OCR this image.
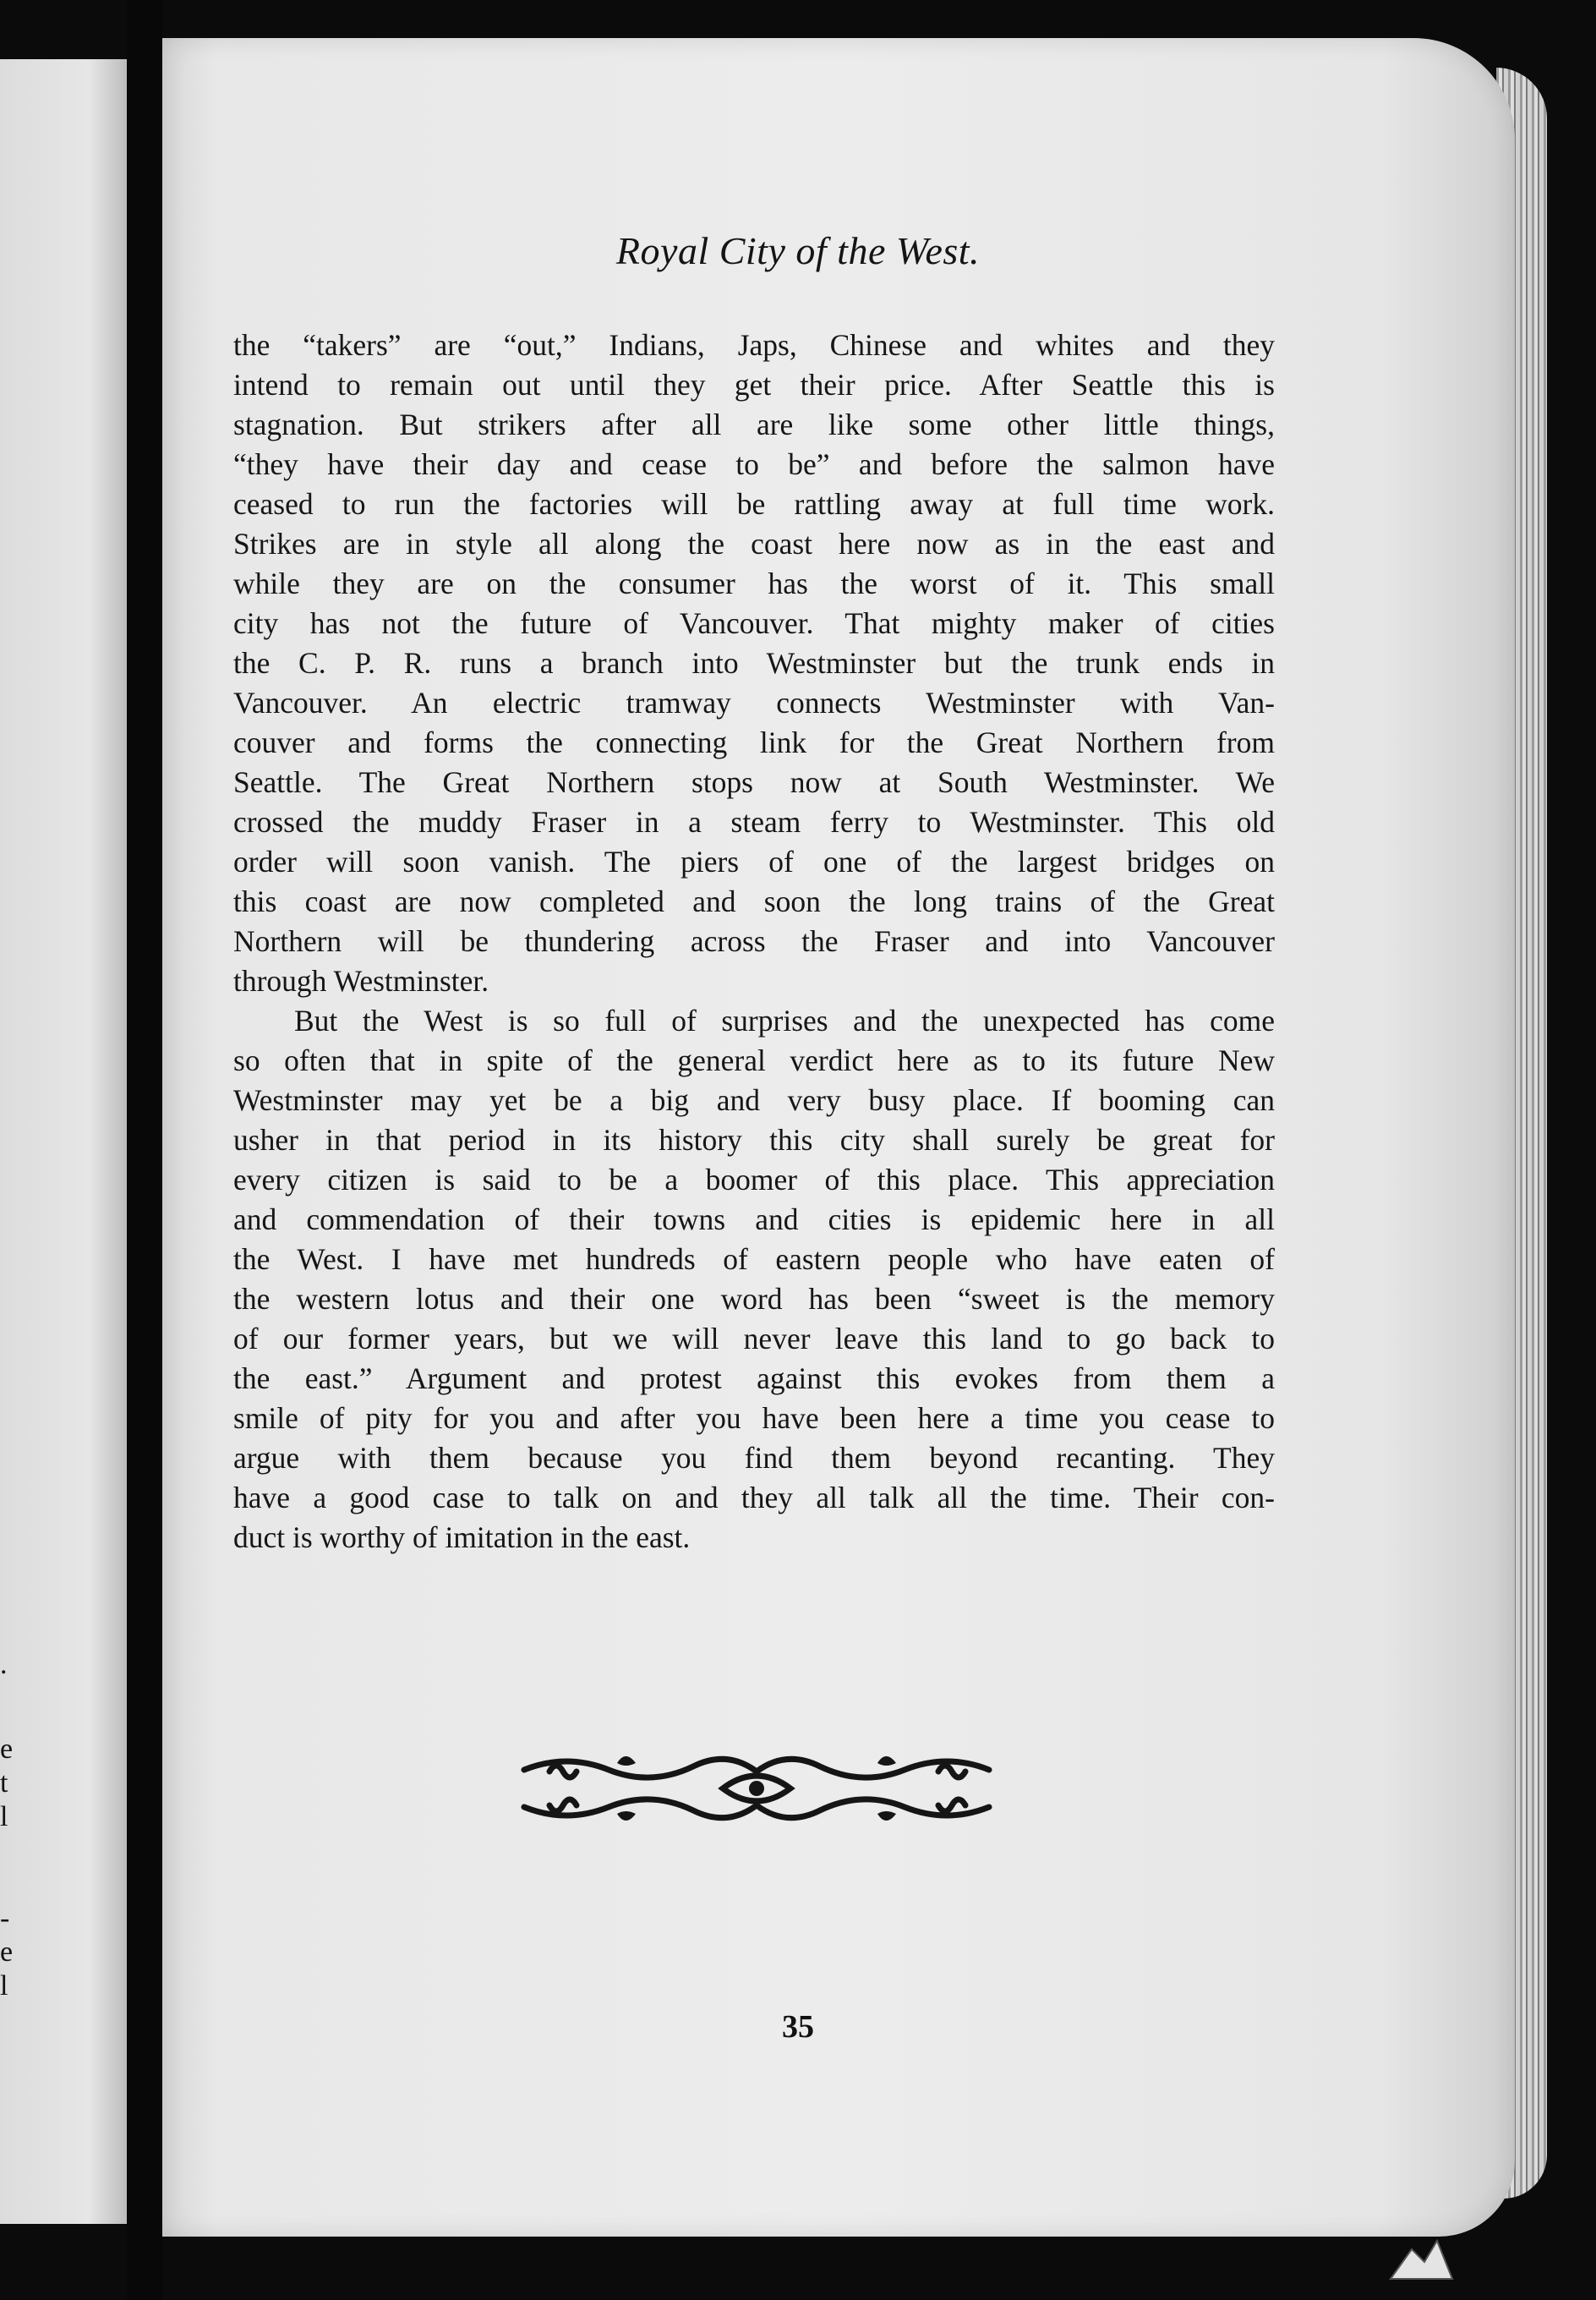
.
e
t
l
-
e
l
Royal City of the West.
the “takers” are “out,” Indians, Japs, Chinese and whites and they
intend to remain out until they get their price. After Seattle this is
stagnation. But strikers after all are like some other little things,
“they have their day and cease to be” and before the salmon have
ceased to run the factories will be rattling away at full time work.
Strikes are in style all along the coast here now as in the east and
while they are on the consumer has the worst of it. This small
city has not the future of Vancouver. That mighty maker of cities
the C. P. R. runs a branch into Westminster but the trunk ends in
Vancouver. An electric tramway connects Westminster with Van-
couver and forms the connecting link for the Great Northern from
Seattle. The Great Northern stops now at South Westminster. We
crossed the muddy Fraser in a steam ferry to Westminster. This old
order will soon vanish. The piers of one of the largest bridges on
this coast are now completed and soon the long trains of the Great
Northern will be thundering across the Fraser and into Vancouver
through Westminster.
But the West is so full of surprises and the unexpected has come
so often that in spite of the general verdict here as to its future New
Westminster may yet be a big and very busy place. If booming can
usher in that period in its history this city shall surely be great for
every citizen is said to be a boomer of this place. This appreciation
and commendation of their towns and cities is epidemic here in all
the West. I have met hundreds of eastern people who have eaten of
the western lotus and their one word has been “sweet is the memory
of our former years, but we will never leave this land to go back to
the east.” Argument and protest against this evokes from them a
smile of pity for you and after you have been here a time you cease to
argue with them because you find them beyond recanting. They
have a good case to talk on and they all talk all the time. Their con-
duct is worthy of imitation in the east.
35
